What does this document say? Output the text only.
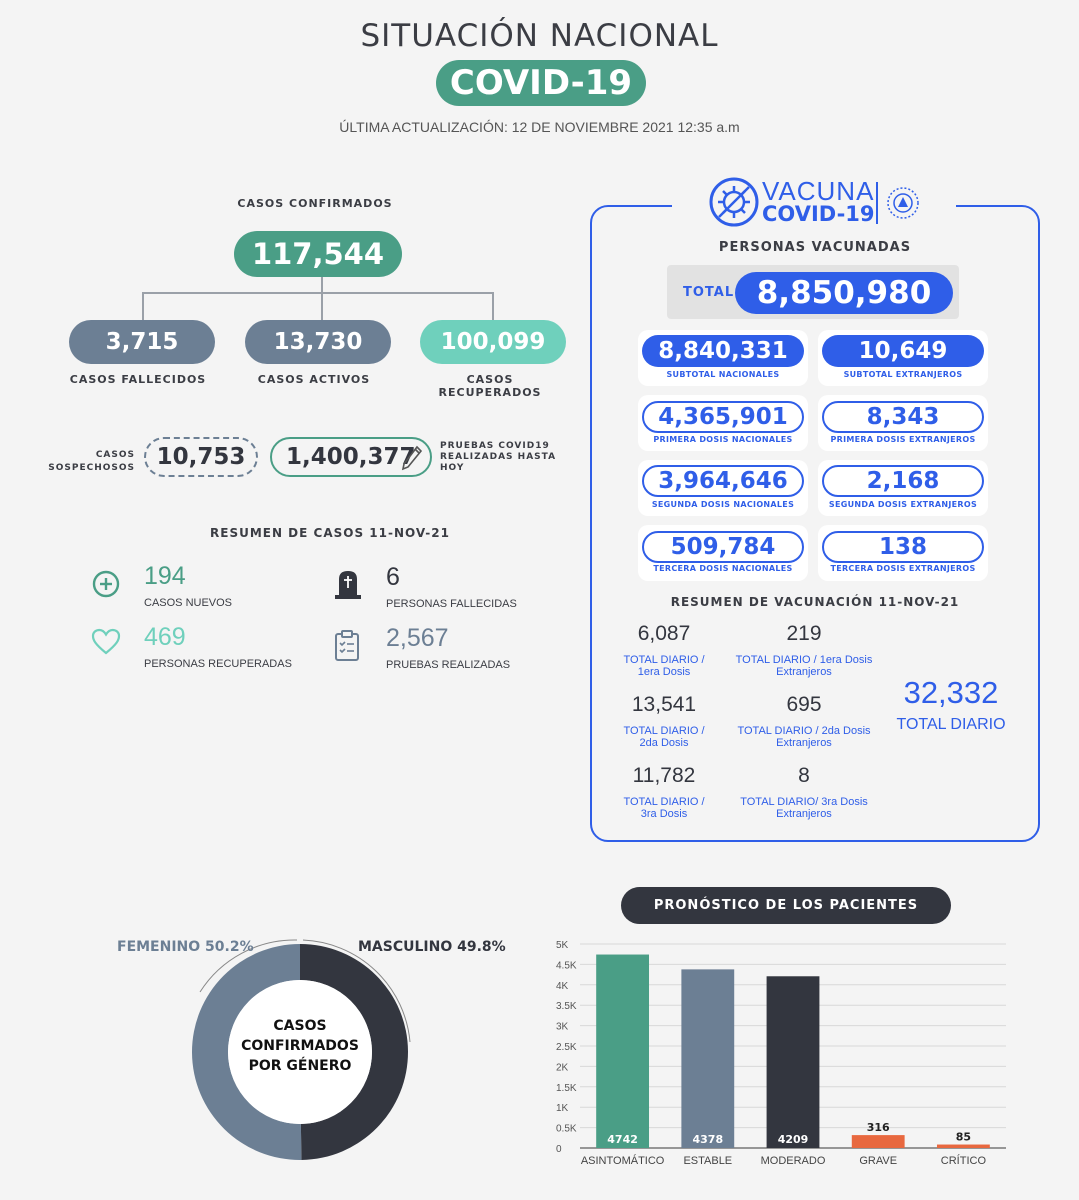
SITUACIÓN NACIONAL
COVID-19
ÚLTIMA ACTUALIZACIÓN: 12 DE NOVIEMBRE 2021 12:35 a.m
CASOS CONFIRMADOS
117,544
3,715	13,730	100,099
CASOS FALLECIDOS	CASOS ACTIVOS	CASOS RECUPERADOS
CASOS SOSPECHOSOS 10,753	1,400,377	PRUEBAS COVID19 REALIZADAS HASTA HOY
RESUMEN DE CASOS 11-NOV-21
194
CASOS NUEVOS
6
PERSONAS FALLECIDAS
469
PERSONAS RECUPERADAS
2,567
PRUEBAS REALIZADAS
VACUNA
COVID-19
PERSONAS VACUNADAS
TOTAL 8,850,980
8,840,331
SUBTOTAL NACIONALES
10,649
SUBTOTAL EXTRANJEROS
4,365,901
PRIMERA DOSIS NACIONALES
8,343
PRIMERA DOSIS EXTRANJEROS
3,964,646
SEGUNDA DOSIS NACIONALES
2,168
SEGUNDA DOSIS EXTRANJEROS
509,784
TERCERA DOSIS NACIONALES
138
TERCERA DOSIS EXTRANJEROS
RESUMEN DE VACUNACIÓN 11-NOV-21
6,087
TOTAL DIARIO / 1era Dosis
219
TOTAL DIARIO / 1era Dosis Extranjeros
13,541
TOTAL DIARIO / 2da Dosis
695
TOTAL DIARIO / 2da Dosis Extranjeros
11,782
TOTAL DIARIO / 3ra Dosis
8
TOTAL DIARIO/ 3ra Dosis Extranjeros
32,332
TOTAL DIARIO
FEMENINO 50.2%	MASCULINO 49.8%
CASOS CONFIRMADOS POR GÉNERO
PRONÓSTICO DE LOS PACIENTES
0
0.5K
1K
1.5K
2K
2.5K
3K
3.5K
4K
4.5K
5K
4742
ASINTOMÁTICO
4378
ESTABLE
4209
MODERADO
316
GRAVE
85
CRÍTICO
